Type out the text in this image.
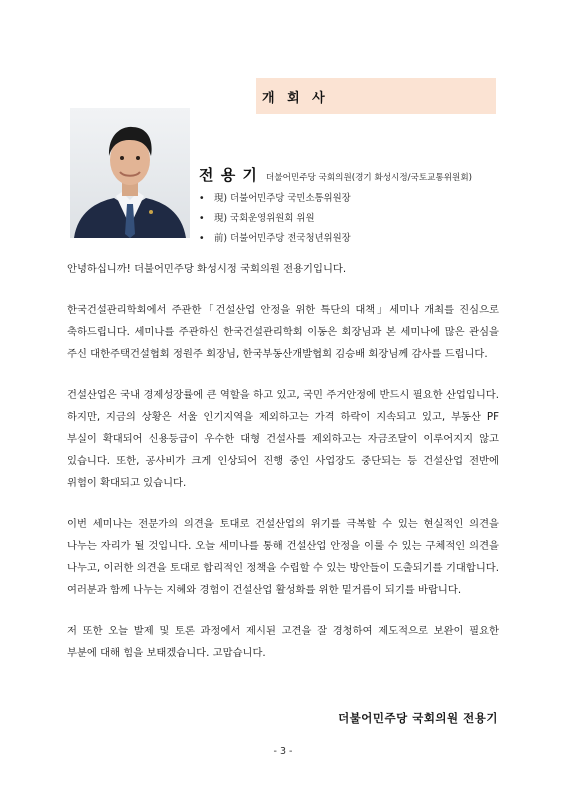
개 회 사
전 용 기 더불어민주당 국회의원(경기 화성시정/국토교통위원회)
• 現) 더불어민주당 국민소통위원장
• 現) 국회운영위원회 위원
• 前) 더불어민주당 전국청년위원장

안녕하십니까! 더불어민주당 화성시정 국회의원 전용기입니다.

한국건설관리학회에서 주관한「건설산업 안정을 위한 특단의 대책」세미나 개최를 진심으로 축하드립니다. 세미나를 주관하신 한국건설관리학회 이동은 회장님과 본 세미나에 많은 관심을 주신 대한주택건설협회 정원주 회장님, 한국부동산개발협회 김승배 회장님께 감사를 드립니다.

건설산업은 국내 경제성장률에 큰 역할을 하고 있고, 국민 주거안정에 반드시 필요한 산업입니다. 하지만, 지금의 상황은 서울 인기지역을 제외하고는 가격 하락이 지속되고 있고, 부동산 PF 부실이 확대되어 신용등급이 우수한 대형 건설사를 제외하고는 자금조달이 이루어지지 않고 있습니다. 또한, 공사비가 크게 인상되어 진행 중인 사업장도 중단되는 등 건설산업 전반에 위험이 확대되고 있습니다.

이번 세미나는 전문가의 의견을 토대로 건설산업의 위기를 극복할 수 있는 현실적인 의견을 나누는 자리가 될 것입니다. 오늘 세미나를 통해 건설산업 안정을 이룰 수 있는 구체적인 의견을 나누고, 이러한 의견을 토대로 합리적인 정책을 수립할 수 있는 방안들이 도출되기를 기대합니다. 여러분과 함께 나누는 지혜와 경험이 건설산업 활성화를 위한 밑거름이 되기를 바랍니다.

저 또한 오늘 발제 및 토론 과정에서 제시된 고견을 잘 경청하여 제도적으로 보완이 필요한 부분에 대해 힘을 보태겠습니다. 고맙습니다.

더불어민주당 국회의원 전용기
- 3 -
